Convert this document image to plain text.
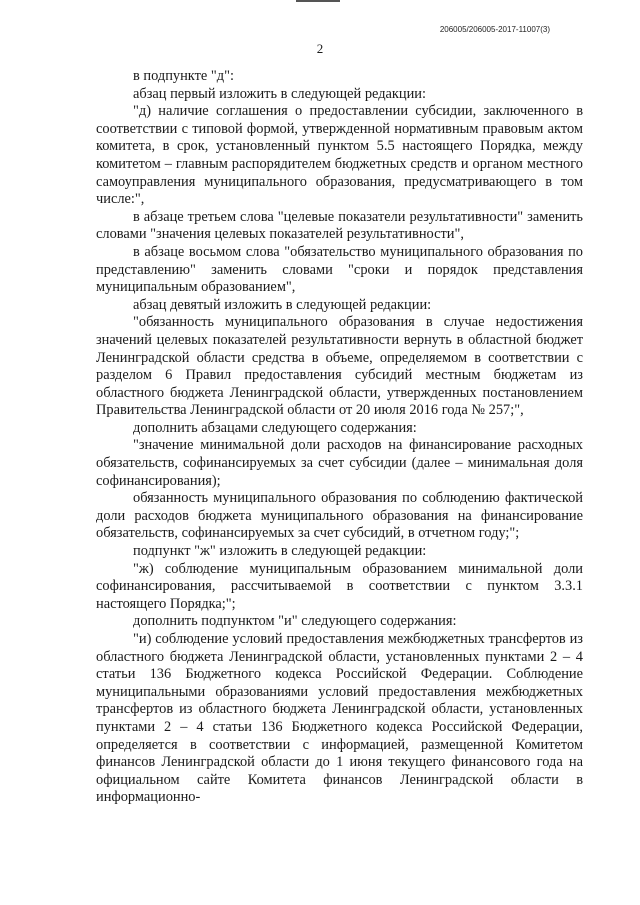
206005/206005-2017-11007(3)
2

в подпункте "д":

абзац первый изложить в следующей редакции:

"д) наличие соглашения о предоставлении субсидии, заключенного в соответствии с типовой формой, утвержденной нормативным правовым актом комитета, в срок, установленный пунктом 5.5 настоящего Порядка, между комитетом – главным распорядителем бюджетных средств и органом местного самоуправления муниципального образования, предусматривающего в том числе:",

в абзаце третьем слова "целевые показатели результативности" заменить словами "значения целевых показателей результативности",

в абзаце восьмом слова "обязательство муниципального образования по представлению" заменить словами "сроки и порядок представления муниципальным образованием",

абзац девятый изложить в следующей редакции:

"обязанность муниципального образования в случае недостижения значений целевых показателей результативности вернуть в областной бюджет Ленинградской области средства в объеме, определяемом в соответствии с разделом 6 Правил предоставления субсидий местным бюджетам из областного бюджета Ленинградской области, утвержденных постановлением Правительства Ленинградской области от 20 июля 2016 года № 257;",

дополнить абзацами следующего содержания:

"значение минимальной доли расходов на финансирование расходных обязательств, софинансируемых за счет субсидии (далее – минимальная доля софинансирования);

обязанность муниципального образования по соблюдению фактической доли расходов бюджета муниципального образования на финансирование обязательств, софинансируемых за счет субсидий, в отчетном году;";

подпункт "ж" изложить в следующей редакции:

"ж) соблюдение муниципальным образованием минимальной доли софинансирования, рассчитываемой в соответствии с пунктом 3.3.1 настоящего Порядка;";

дополнить подпунктом "и" следующего содержания:

"и) соблюдение условий предоставления межбюджетных трансфертов из областного бюджета Ленинградской области, установленных пунктами 2 – 4 статьи 136 Бюджетного кодекса Российской Федерации. Соблюдение муниципальными образованиями условий предоставления межбюджетных трансфертов из областного бюджета Ленинградской области, установленных пунктами 2 – 4 статьи 136 Бюджетного кодекса Российской Федерации, определяется в соответствии с информацией, размещенной Комитетом финансов Ленинградской области до 1 июня текущего финансового года на официальном сайте Комитета финансов Ленинградской области в информационно-
